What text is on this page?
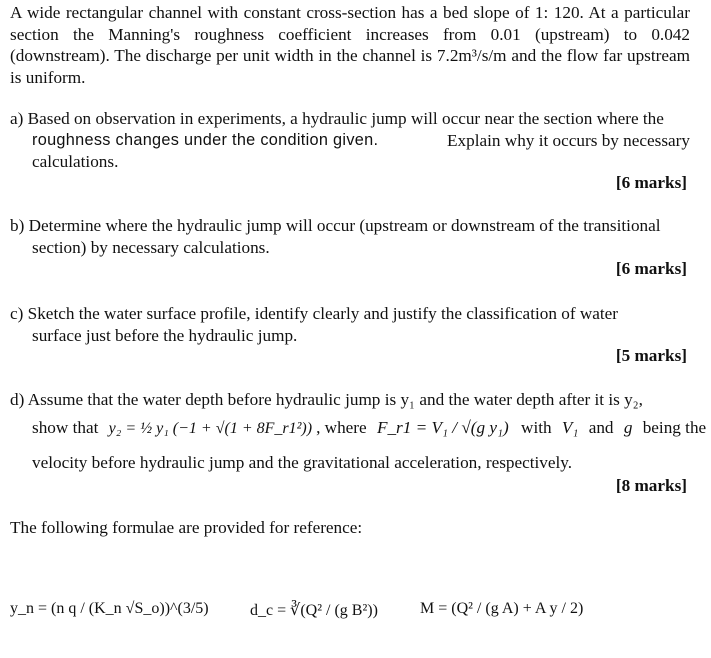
A wide rectangular channel with constant cross-section has a bed slope of 1: 120. At a particular section the Manning's roughness coefficient increases from 0.01 (upstream) to 0.042 (downstream). The discharge per unit width in the channel is 7.2m³/s/m and the flow far upstream is uniform.
a) Based on observation in experiments, a hydraulic jump will occur near the section where the
roughness changes under the condition given.	Explain why it occurs by necessary
calculations.
[6 marks]
b) Determine where the hydraulic jump will occur (upstream or downstream of the transitional
section) by necessary calculations.
[6 marks]
c) Sketch the water surface profile, identify clearly and justify the classification of water
surface just before the hydraulic jump.
[5 marks]
d) Assume that the water depth before hydraulic jump is y₁ and the water depth after it is y₂,
show that y₂ = ½ y₁ (−1 + √(1 + 8F_r1²)) , where F_r1 = V₁ / √(g y₁) with V₁ and g being the
velocity before hydraulic jump and the gravitational acceleration, respectively.
[8 marks]
The following formulae are provided for reference:
y_n = (n q / (K_n √S_o))^(3/5)	d_c = ∛(Q² / (g B²))	M = (Q² / (g A) + A y / 2)
